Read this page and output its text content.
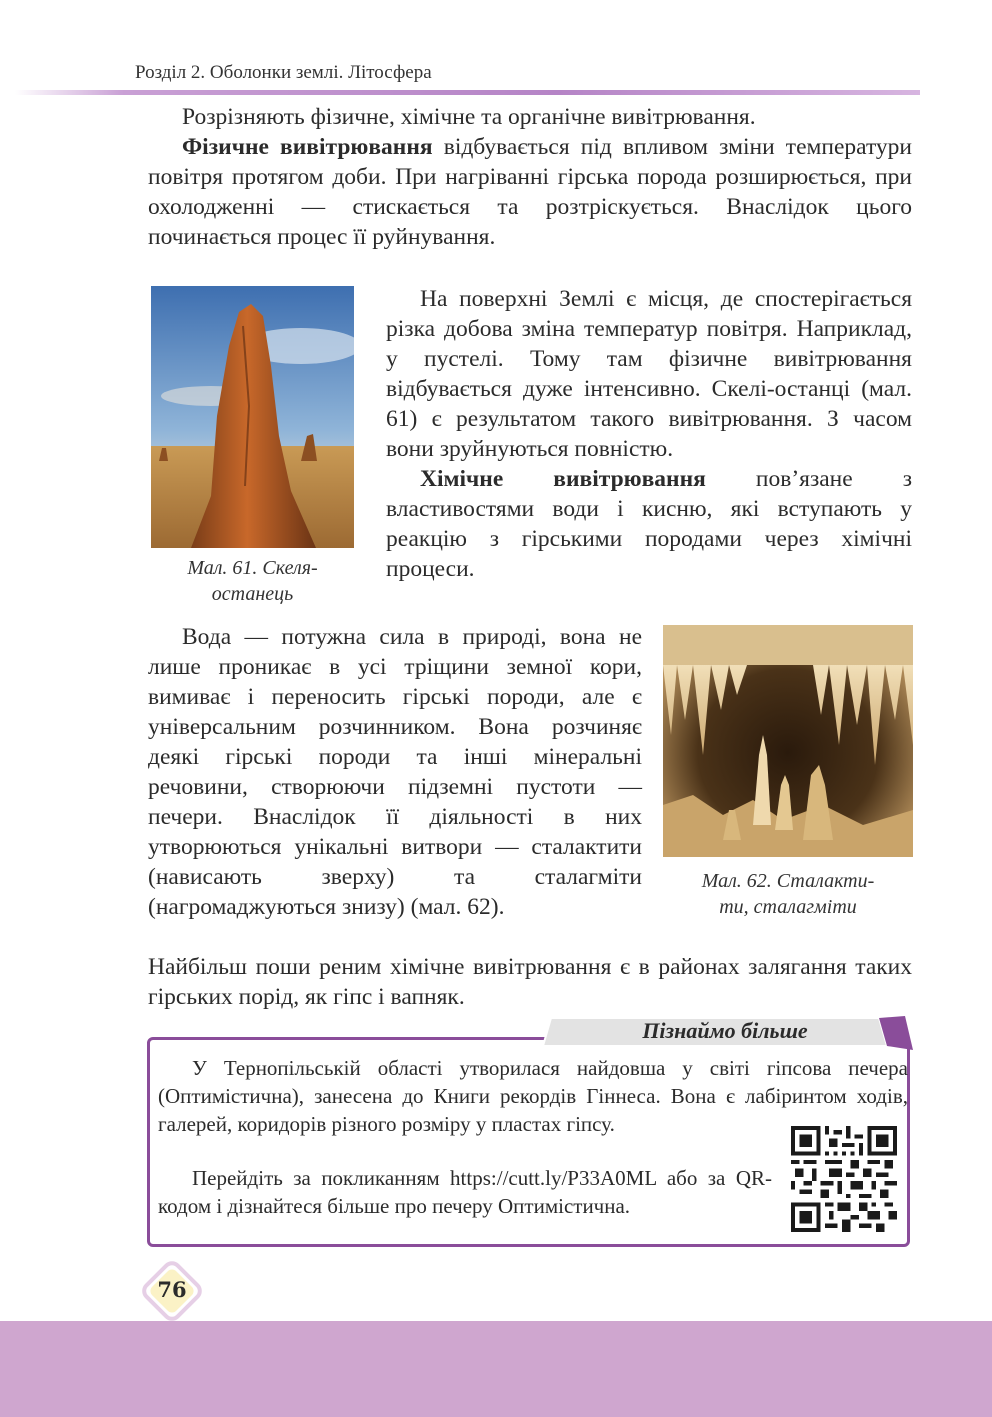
Розділ 2. Оболонки землі. Літосфера

Розрізняють фізичне, хімічне та органічне вивітрювання.

Фізичне вивітрювання відбувається під впливом зміни температури повітря протягом доби. При нагріванні гірська порода розширюється, при охолодженні — стискається та розтріскується. Внаслідок цього починається процес її руйнування.

Мал. 61. Скеля-
останець

На поверхні Землі є місця, де спостерігається різка добова зміна температур повітря. Наприклад, у пустелі. Тому там фізичне вивітрювання відбувається дуже інтенсивно. Скелі-останці (мал. 61) є результатом такого вивітрювання. З часом вони зруйнуються повністю.

Хімічне вивітрювання пов’язане з властивостями води і кисню, які вступають у реакцію з гірськими породами через хімічні процеси.

Вода — потужна сила в природі, вона не лише проникає в усі тріщини земної кори, вимиває і переносить гірські породи, але є універсальним розчинником. Вона розчиняє деякі гірські породи та інші мінеральні речовини, створюючи підземні пустоти — печери. Внаслідок її діяльності в них утворюються унікальні витвори — сталактити (нависають зверху) та сталагміти (нагромаджуються знизу) (мал. 62).

Мал. 62. Сталакти-
ти, сталагміти

Найбільш поши реним хімічне вивітрювання є в районах залягання таких гірських порід, як гіпс і вапняк.

Пізнаймо більше

У Тернопільській області утворилася найдовша у світі гіпсова печера (Оптимістична), занесена до Книги рекордів Гіннеса. Вона є лабіринтом ходів, галерей, коридорів різного розміру у пластах гіпсу.

Перейдіть за покликанням https://cutt.ly/P33A0ML або за QR-кодом і дізнайтеся більше про печеру Оптимістична.

76
